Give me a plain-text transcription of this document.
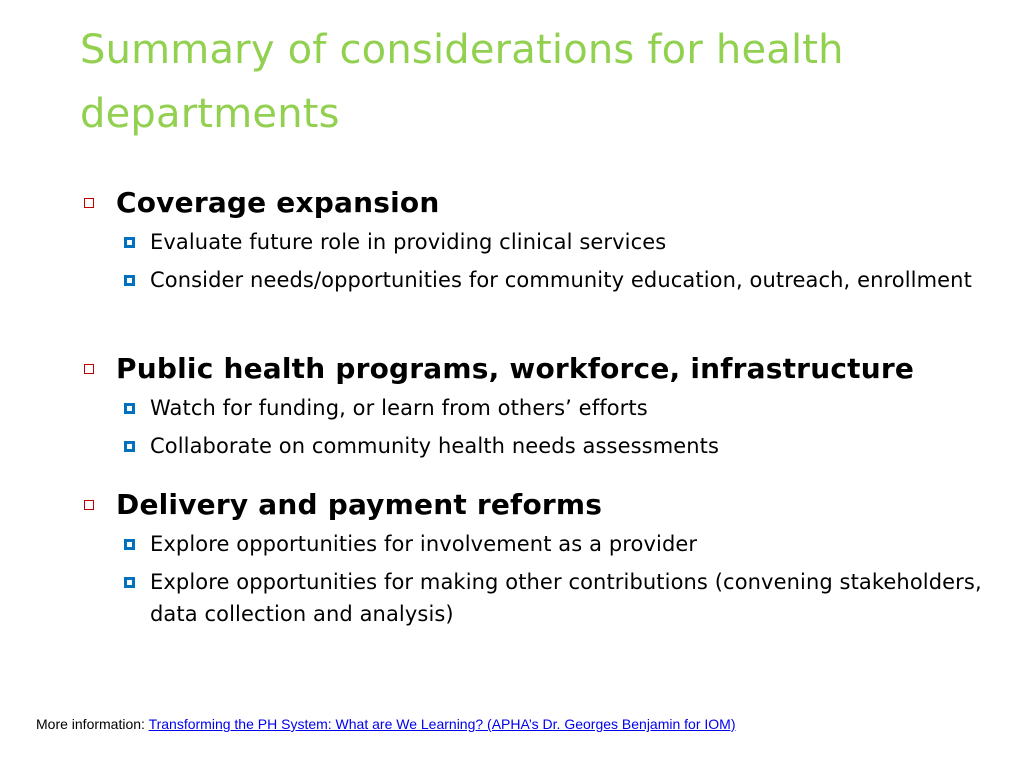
Summary of considerations for health departments

Coverage expansion

Evaluate future role in providing clinical services
Consider needs/opportunities for community education, outreach, enrollment

Public health programs, workforce, infrastructure

Watch for funding, or learn from others’ efforts
Collaborate on community health needs assessments

Delivery and payment reforms

Explore opportunities for involvement as a provider
Explore opportunities for making other contributions (convening stakeholders, data collection and analysis)
More information: Transforming the PH System: What are We Learning? (APHA’s Dr. Georges Benjamin for IOM)
